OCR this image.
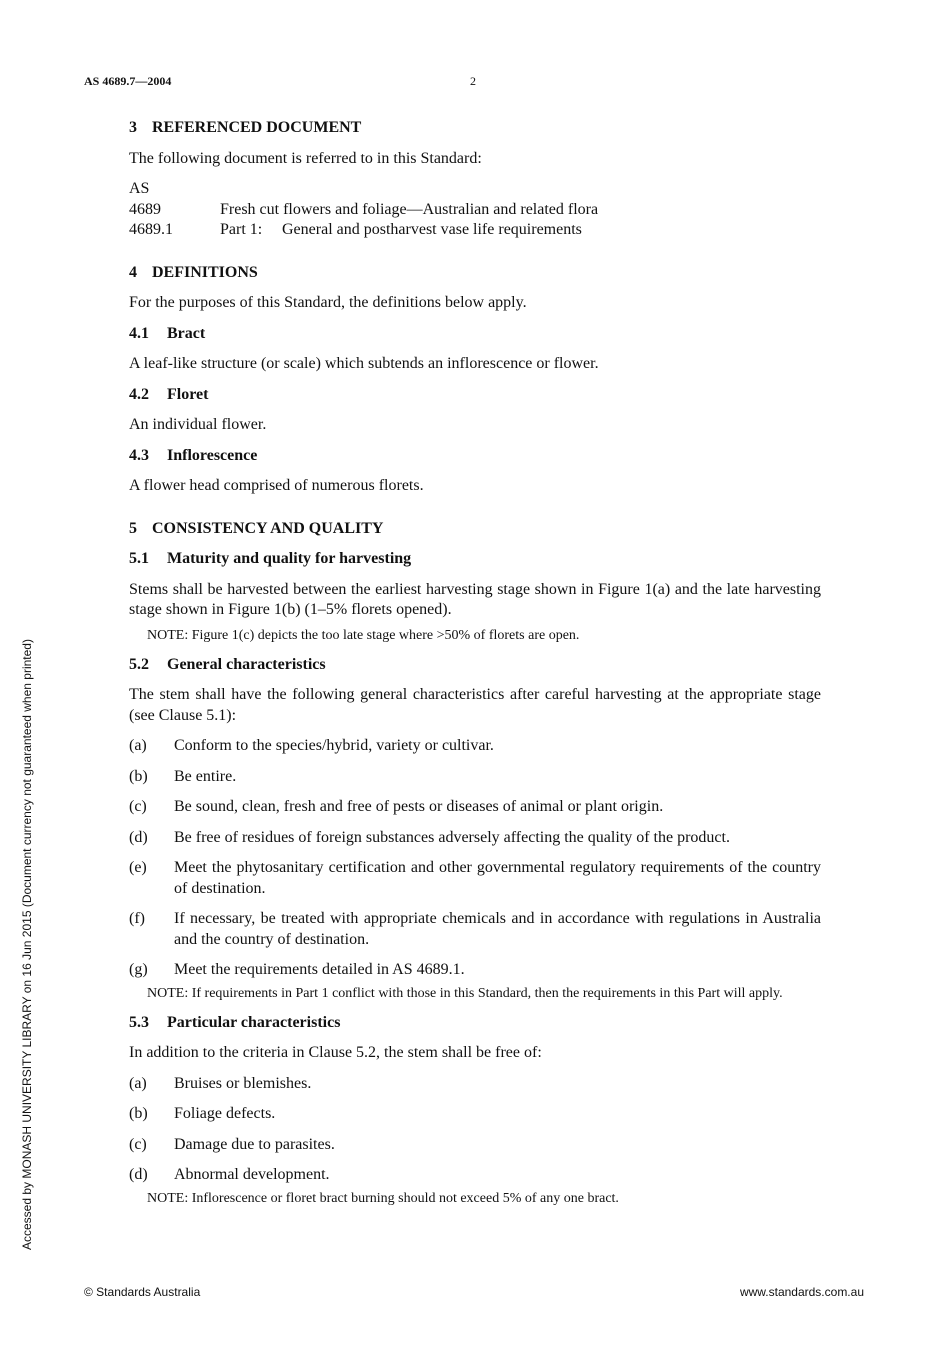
AS 4689.7—2004	2
Accessed by MONASH UNIVERSITY LIBRARY on 16 Jun 2015 (Document currency not guaranteed when printed)
3 REFERENCED DOCUMENT

The following document is referred to in this Standard:

AS
4689	Fresh cut flowers and foliage—Australian and related flora
4689.1	Part 1:	General and postharvest vase life requirements
4 DEFINITIONS

For the purposes of this Standard, the definitions below apply.

4.1 Bract

A leaf-like structure (or scale) which subtends an inflorescence or flower.

4.2 Floret

An individual flower.

4.3 Inflorescence

A flower head comprised of numerous florets.

5 CONSISTENCY AND QUALITY
5.1 Maturity and quality for harvesting

Stems shall be harvested between the earliest harvesting stage shown in Figure 1(a) and the late harvesting stage shown in Figure 1(b) (1–5% florets opened).

NOTE: Figure 1(c) depicts the too late stage where >50% of florets are open.

5.2 General characteristics

The stem shall have the following general characteristics after careful harvesting at the appropriate stage (see Clause 5.1):

(a)	Conform to the species/hybrid, variety or cultivar.
(b)	Be entire.
(c)	Be sound, clean, fresh and free of pests or diseases of animal or plant origin.
(d)	Be free of residues of foreign substances adversely affecting the quality of the product.
(e)	Meet the phytosanitary certification and other governmental regulatory requirements of the country of destination.
(f)	If necessary, be treated with appropriate chemicals and in accordance with regulations in Australia and the country of destination.
(g)	Meet the requirements detailed in AS 4689.1.

NOTE: If requirements in Part 1 conflict with those in this Standard, then the requirements in this Part will apply.

5.3 Particular characteristics

In addition to the criteria in Clause 5.2, the stem shall be free of:

(a)	Bruises or blemishes.
(b)	Foliage defects.
(c)	Damage due to parasites.
(d)	Abnormal development.

NOTE: Inflorescence or floret bract burning should not exceed 5% of any one bract.

© Standards Australia	www.standards.com.au
